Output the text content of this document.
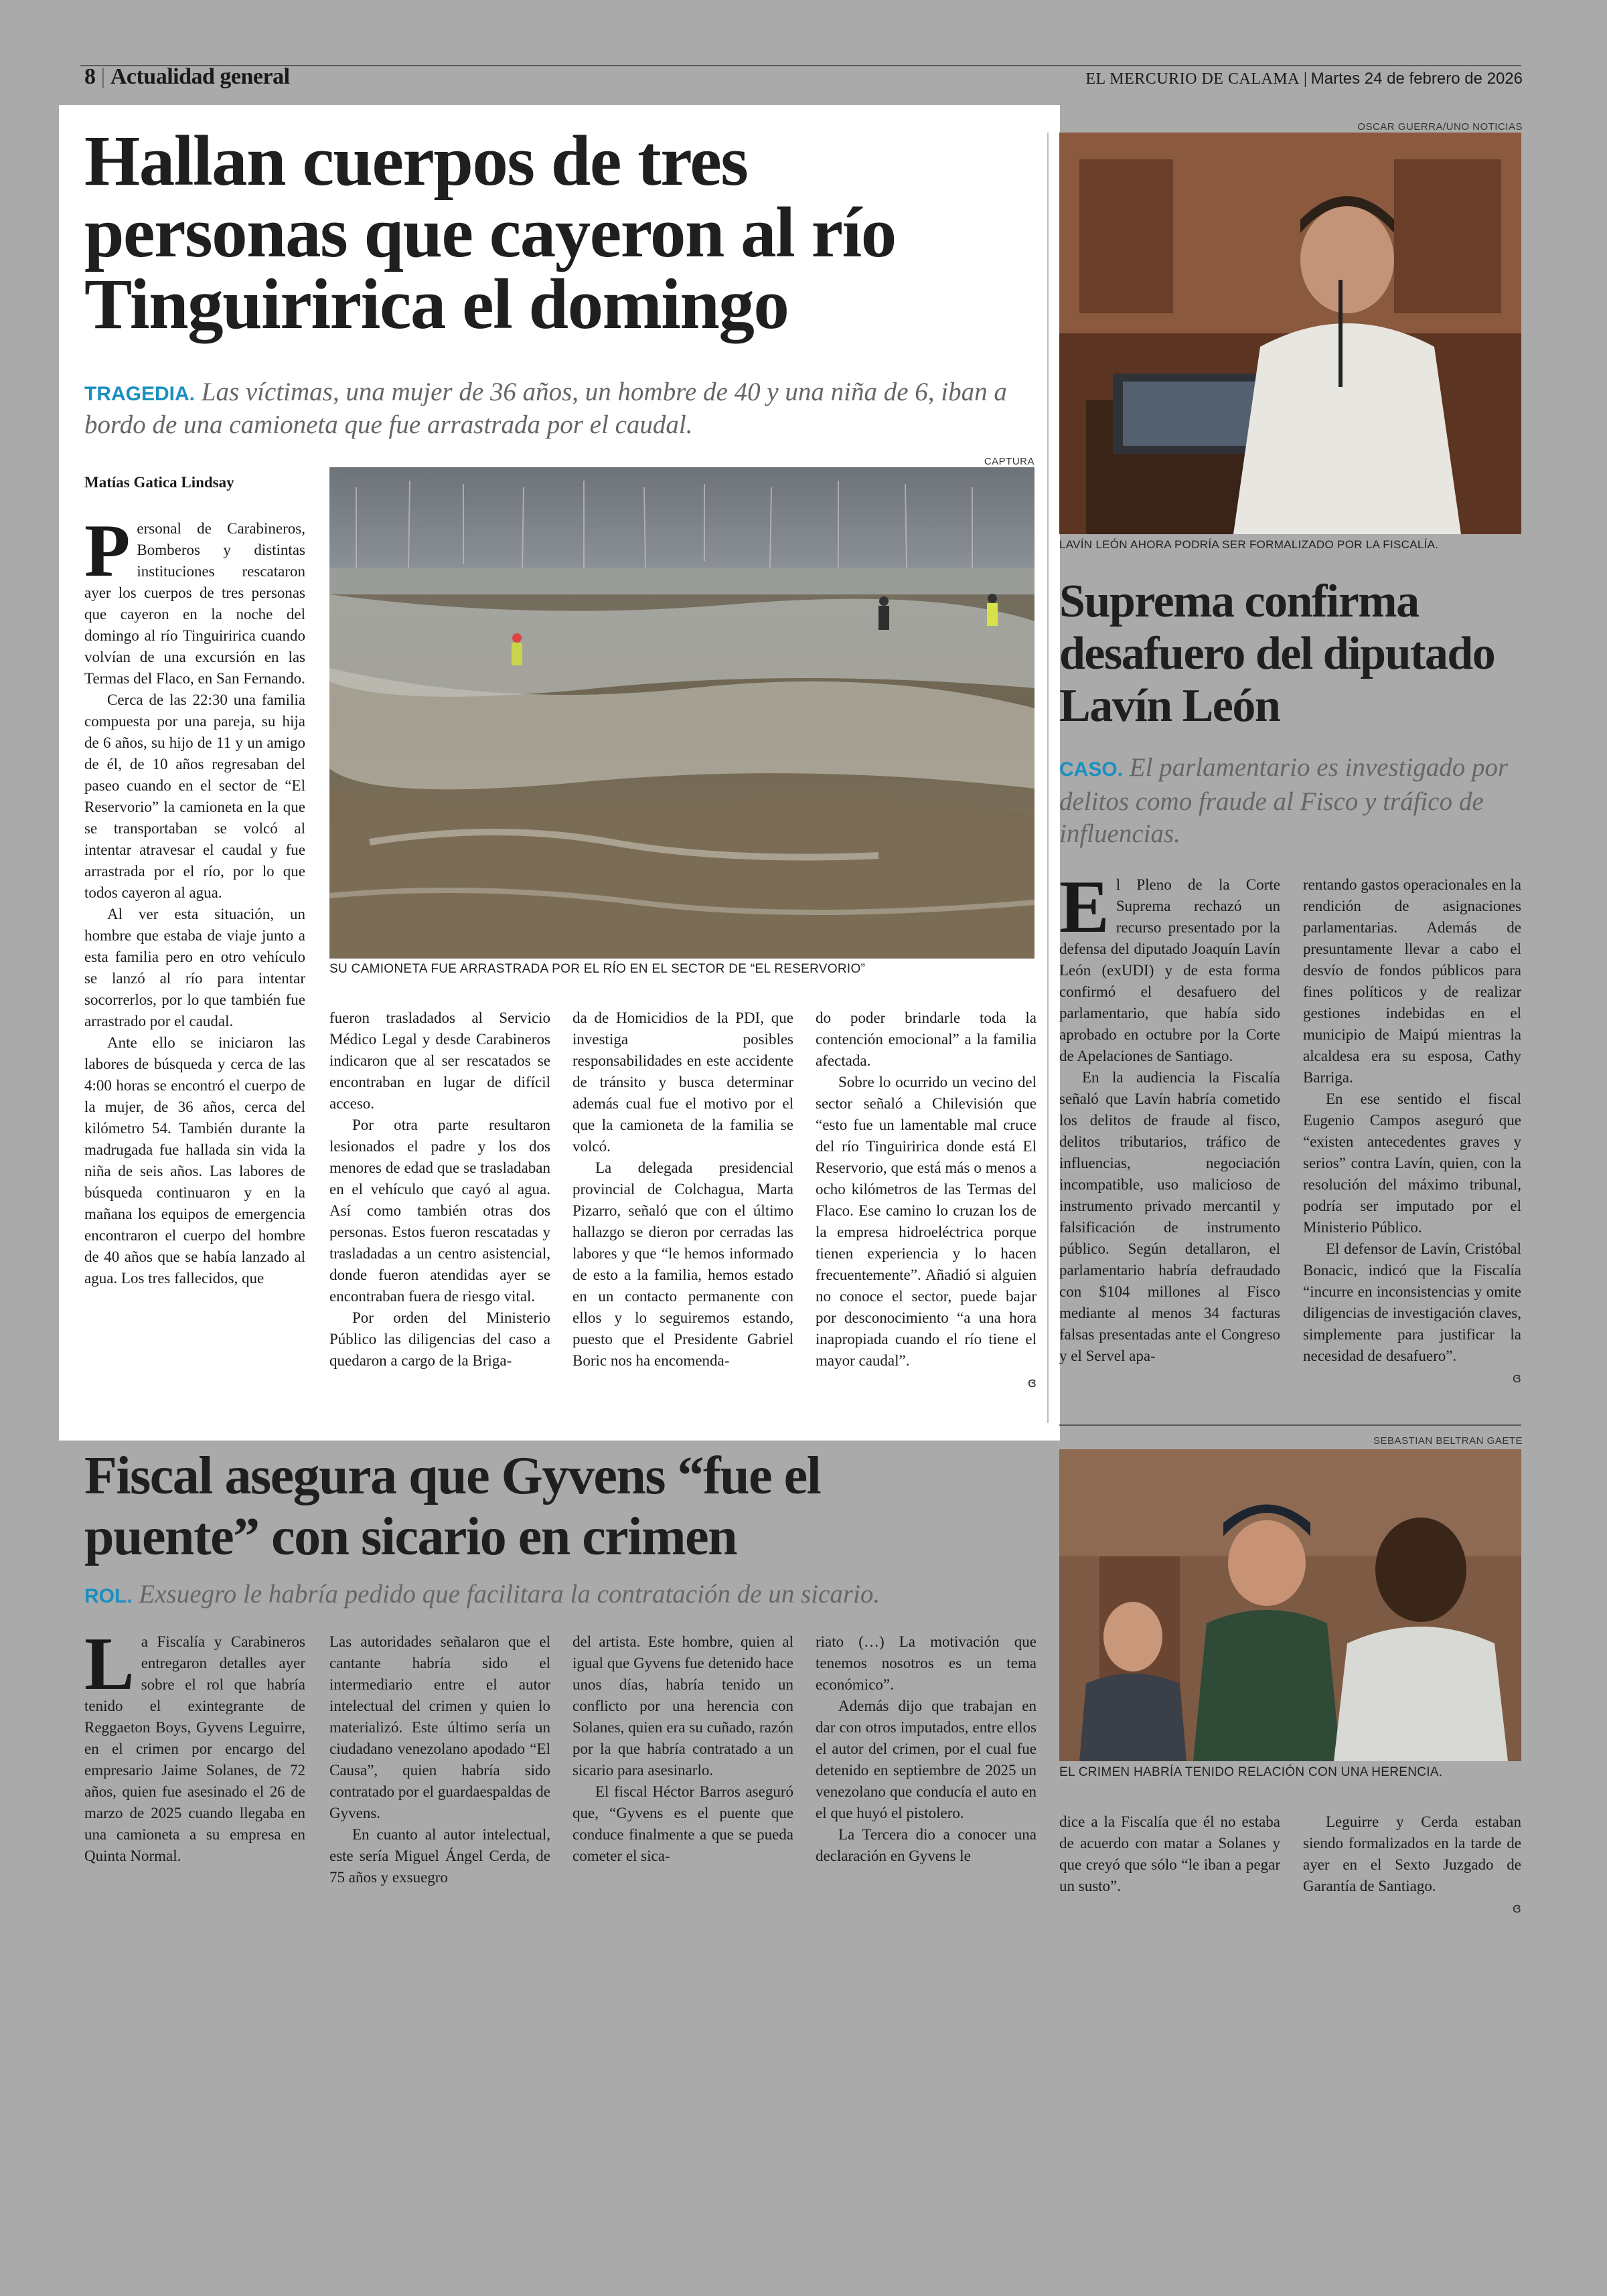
8 | Actualidad general	EL MERCURIO DE CALAMA | Martes 24 de febrero de 2026
Hallan cuerpos de tres personas que cayeron al río Tinguiririca el domingo
TRAGEDIA. Las víctimas, una mujer de 36 años, un hombre de 40 y una niña de 6, iban a bordo de una camioneta que fue arrastrada por el caudal.
Matías Gatica Lindsay
CAPTURA
SU CAMIONETA FUE ARRASTRADA POR EL RÍO EN EL SECTOR DE “EL RESERVORIO”

Personal de Carabineros, Bomberos y distintas instituciones rescataron ayer los cuerpos de tres personas que cayeron en la noche del domingo al río Tinguiririca cuando volvían de una excursión en las Termas del Flaco, en San Fernando.

Cerca de las 22:30 una familia compuesta por una pareja, su hija de 6 años, su hijo de 11 y un amigo de él, de 10 años regresaban del paseo cuando en el sector de “El Reservorio” la camioneta en la que se transportaban se volcó al intentar atravesar el caudal y fue arrastrada por el río, por lo que todos cayeron al agua.

Al ver esta situación, un hombre que estaba de viaje junto a esta familia pero en otro vehículo se lanzó al río para intentar socorrerlos, por lo que también fue arrastrado por el caudal.

Ante ello se iniciaron las labores de búsqueda y cerca de las 4:00 horas se encontró el cuerpo de la mujer, de 36 años, cerca del kilómetro 54. También durante la madrugada fue hallada sin vida la niña de seis años. Las labores de búsqueda continuaron y en la mañana los equipos de emergencia encontraron el cuerpo del hombre de 40 años que se había lanzado al agua. Los tres fallecidos, que

fueron trasladados al Servicio Médico Legal y desde Carabineros indicaron que al ser rescatados se encontraban en lugar de difícil acceso.

Por otra parte resultaron lesionados el padre y los dos menores de edad que se trasladaban en el vehículo que cayó al agua. Así como también otras dos personas. Estos fueron rescatadas y trasladadas a un centro asistencial, donde fueron atendidas ayer se encontraban fuera de riesgo vital.

Por orden del Ministerio Público las diligencias del caso a quedaron a cargo de la Briga-

da de Homicidios de la PDI, que investiga posibles responsabilidades en este accidente de tránsito y busca determinar además cual fue el motivo por el que la camioneta de la familia se volcó.

La delegada presidencial provincial de Colchagua, Marta Pizarro, señaló que con el último hallazgo se dieron por cerradas las labores y que “le hemos informado de esto a la familia, hemos estado en un contacto permanente con ellos y lo seguiremos estando, puesto que el Presidente Gabriel Boric nos ha encomenda-

do poder brindarle toda la contención emocional” a la familia afectada.

Sobre lo ocurrido un vecino del sector señaló a Chilevisión que “esto fue un lamentable mal cruce del río Tinguiririca donde está El Reservorio, que está más o menos a ocho kilómetros de las Termas del Flaco. Ese camino lo cruzan los de la empresa hidroeléctrica porque tienen experiencia y lo hacen frecuentemente”. Añadió si alguien no conoce el sector, puede bajar por desconocimiento “a una hora inapropiada cuando el río tiene el mayor caudal”.

ɞ
OSCAR GUERRA/UNO NOTICIAS
LAVÍN LEÓN AHORA PODRÍA SER FORMALIZADO POR LA FISCALÍA.
Suprema confirma desafuero del diputado Lavín León
CASO. El parlamentario es investigado por delitos como fraude al Fisco y tráfico de influencias.

El Pleno de la Corte Suprema rechazó un recurso presentado por la defensa del diputado Joaquín Lavín León (exUDI) y de esta forma confirmó el desafuero del parlamentario, que había sido aprobado en octubre por la Corte de Apelaciones de Santiago.

En la audiencia la Fiscalía señaló que Lavín habría cometido los delitos de fraude al fisco, delitos tributarios, tráfico de influencias, negociación incompatible, uso malicioso de instrumento privado mercantil y falsificación de instrumento público. Según detallaron, el parlamentario habría defraudado con $104 millones al Fisco mediante al menos 34 facturas falsas presentadas ante el Congreso y el Servel apa-

rentando gastos operacionales en la rendición de asignaciones parlamentarias. Además de presuntamente llevar a cabo el desvío de fondos públicos para fines políticos y de realizar gestiones indebidas en el municipio de Maipú mientras la alcaldesa era su esposa, Cathy Barriga.

En ese sentido el fiscal Eugenio Campos aseguró que “existen antecedentes graves y serios” contra Lavín, quien, con la resolución del máximo tribunal, podría ser imputado por el Ministerio Público.

El defensor de Lavín, Cristóbal Bonacic, indicó que la Fiscalía “incurre en inconsistencias y omite diligencias de investigación claves, simplemente para justificar la necesidad de desafuero”.

ɞ
Fiscal asegura que Gyvens “fue el puente” con sicario en crimen
ROL. Exsuegro le habría pedido que facilitara la contratación de un sicario.
SEBASTIAN BELTRAN GAETE
EL CRIMEN HABRÍA TENIDO RELACIÓN CON UNA HERENCIA.

La Fiscalía y Carabineros entregaron detalles ayer sobre el rol que habría tenido el exintegrante de Reggaeton Boys, Gyvens Leguirre, en el crimen por encargo del empresario Jaime Solanes, de 72 años, quien fue asesinado el 26 de marzo de 2025 cuando llegaba en una camioneta a su empresa en Quinta Normal.

Las autoridades señalaron que el cantante habría sido el intermediario entre el autor intelectual del crimen y quien lo materializó. Este último sería un ciudadano venezolano apodado “El Causa”, quien habría sido contratado por el guardaespaldas de Gyvens.

En cuanto al autor intelectual, este sería Miguel Ángel Cerda, de 75 años y exsuegro

del artista. Este hombre, quien al igual que Gyvens fue detenido hace unos días, habría tenido un conflicto por una herencia con Solanes, quien era su cuñado, razón por la que habría contratado a un sicario para asesinarlo.

El fiscal Héctor Barros aseguró que, “Gyvens es el puente que conduce finalmente a que se pueda cometer el sica-

riato (…) La motivación que tenemos nosotros es un tema económico”.

Además dijo que trabajan en dar con otros imputados, entre ellos el autor del crimen, por el cual fue detenido en septiembre de 2025 un venezolano que conducía el auto en el que huyó el pistolero.

La Tercera dio a conocer una declaración en Gyvens le

dice a la Fiscalía que él no estaba de acuerdo con matar a Solanes y que creyó que sólo “le iban a pegar un susto”.

Leguirre y Cerda estaban siendo formalizados en la tarde de ayer en el Sexto Juzgado de Garantía de Santiago.

ɞ
